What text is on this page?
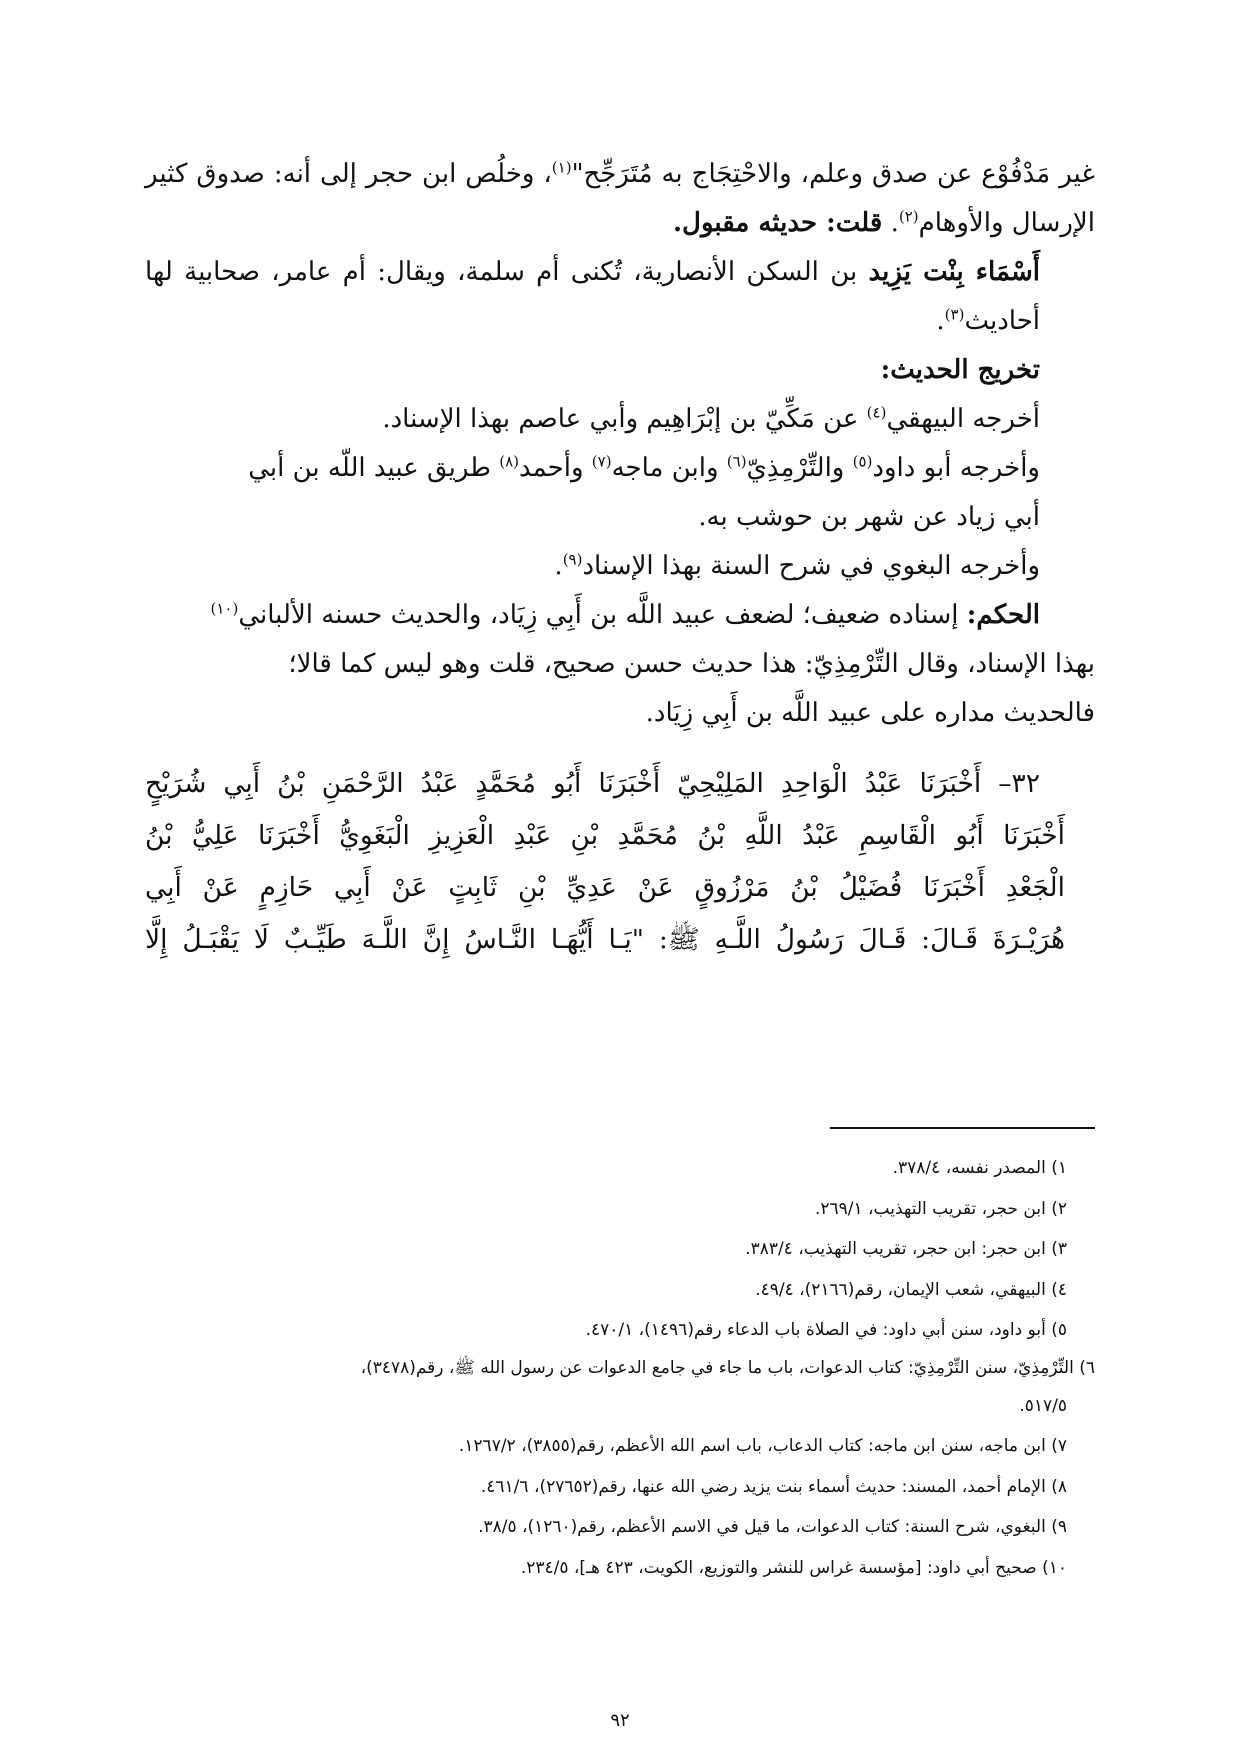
غير مَدْفُوْع عن صدق وعلم، والاحْتِجَاج به مُتَرَجِّح"$^{(١)}$، وخلُص ابن حجر إلى أنه: صدوق كثير الإرسال والأوهام$^{(٢)}$. قلت: حديثه مقبول.

أَسْمَاء بِنْت يَزِيد بن السكن الأنصارية، تُكنى أم سلمة، ويقال: أم عامر، صحابية لها أحاديث$^{(٣)}$.

تخريج الحديث:

أخرجه البيهقي$^{(٤)}$ عن مَكِّيّ بن إبْرَاهِيم وأبي عاصم بهذا الإسناد.

وأخرجه أبو داود$^{(٥)}$ والتِّرْمِذِيّ$^{(٦)}$ وابن ماجه$^{(٧)}$ وأحمد$^{(٨)}$ طريق عبيد اللّه بن أبي

أبي زياد عن شهر بن حوشب به.

وأخرجه البغوي في شرح السنة بهذا الإسناد$^{(٩)}$.

الحكم: إسناده ضعيف؛ لضعف عبيد اللَّه بن أَبِي زِيَاد، والحديث حسنه الألباني$^{(١٠)}$

بهذا الإسناد، وقال التِّرْمِذِيّ: هذا حديث حسن صحيح، قلت وهو ليس كما قالا؛

فالحديث مداره على عبيد اللَّه بن أَبِي زِيَاد.

٣٢– أَخْبَرَنَا عَبْدُ الْوَاحِدِ المَلِيْحِيّ أَخْبَرَنَا أَبُو مُحَمَّدٍ عَبْدُ الرَّحْمَنِ بْنُ أَبِي شُرَيْحٍ

أَخْبَرَنَا أَبُو الْقَاسِمِ عَبْدُ اللَّهِ بْنُ مُحَمَّدِ بْنِ عَبْدِ الْعَزِيزِ الْبَغَوِيُّ أَخْبَرَنَا عَلِيُّ بْنُ

الْجَعْدِ أَخْبَرَنَا فُضَيْلُ بْنُ مَرْزُوقٍ عَنْ عَدِيِّ بْنِ ثَابِتٍ عَنْ أَبِي حَازِمٍ عَنْ أَبِي

هُرَيْـرَةَ قَـالَ: قَـالَ رَسُولُ اللَّـهِ ﷺ: "يَـا أَيُّهَـا النَّـاسُ إِنَّ اللَّـهَ طَيِّـبٌ لَا يَقْبَـلُ إِلَّا

١) المصدر نفسه، ٣٧٨/٤.

٢) ابن حجر، تقريب التهذيب، ٢٦٩/١.

٣) ابن حجر: ابن حجر، تقريب التهذيب، ٣٨٣/٤.

٤) البيهقي، شعب الإيمان، رقم(٢١٦٦)، ٤٩/٤.

٥) أبو داود، سنن أبي داود: في الصلاة باب الدعاء رقم(١٤٩٦)، ٤٧٠/١.

٦) التِّرْمِذِيّ، سنن التِّرْمِذِيّ: كتاب الدعوات، باب ما جاء في جامع الدعوات عن رسول الله ﷺ، رقم(٣٤٧٨)،

٥١٧/٥.

٧) ابن ماجه، سنن ابن ماجه: كتاب الدعاب، باب اسم الله الأعظم، رقم(٣٨٥٥)، ١٢٦٧/٢.

٨) الإمام أحمد، المسند: حديث أسماء بنت يزيد رضي الله عنها، رقم(٢٧٦٥٢)، ٤٦١/٦.

٩) البغوي، شرح السنة: كتاب الدعوات، ما قيل في الاسم الأعظم، رقم(١٢٦٠)، ٣٨/٥.

١٠) صحيح أبي داود: [مؤسسة غراس للنشر والتوزيع، الكويت، ٤٢٣ هـ]، ٢٣٤/٥.

٩٢
